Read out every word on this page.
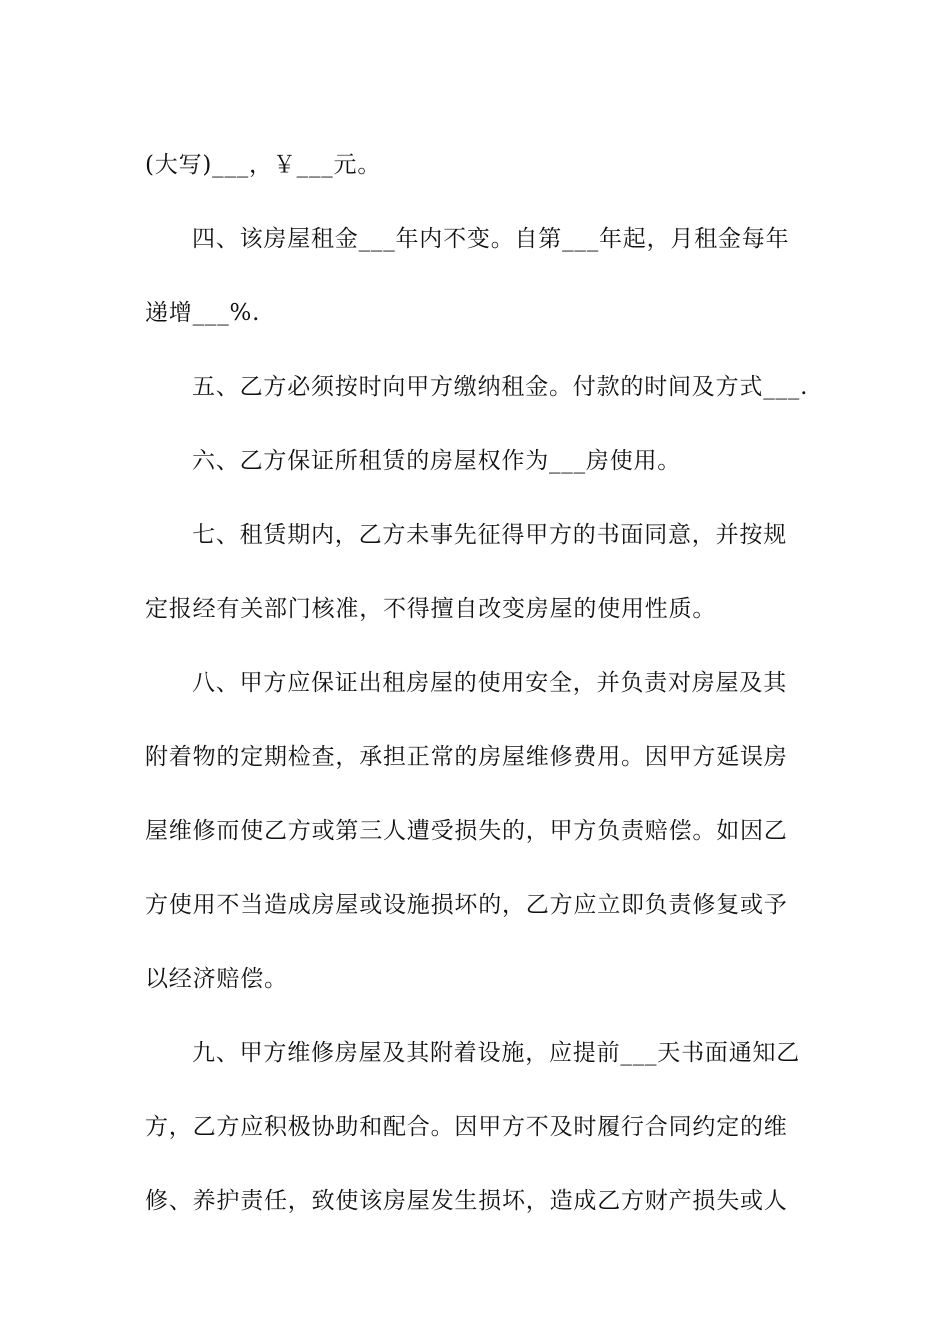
(大写)___，￥___元。

四、该房屋租金___年内不变。自第___年起，月租金每年递增___%.

五、乙方必须按时向甲方缴纳租金。付款的时间及方式___.

六、乙方保证所租赁的房屋权作为___房使用。

七、租赁期内，乙方未事先征得甲方的书面同意，并按规定报经有关部门核准，不得擅自改变房屋的使用性质。

八、甲方应保证出租房屋的使用安全，并负责对房屋及其附着物的定期检查，承担正常的房屋维修费用。因甲方延误房屋维修而使乙方或第三人遭受损失的，甲方负责赔偿。如因乙方使用不当造成房屋或设施损坏的，乙方应立即负责修复或予以经济赔偿。

九、甲方维修房屋及其附着设施，应提前___天书面通知乙方，乙方应积极协助和配合。因甲方不及时履行合同约定的维修、养护责任，致使该房屋发生损坏，造成乙方财产损失或人
